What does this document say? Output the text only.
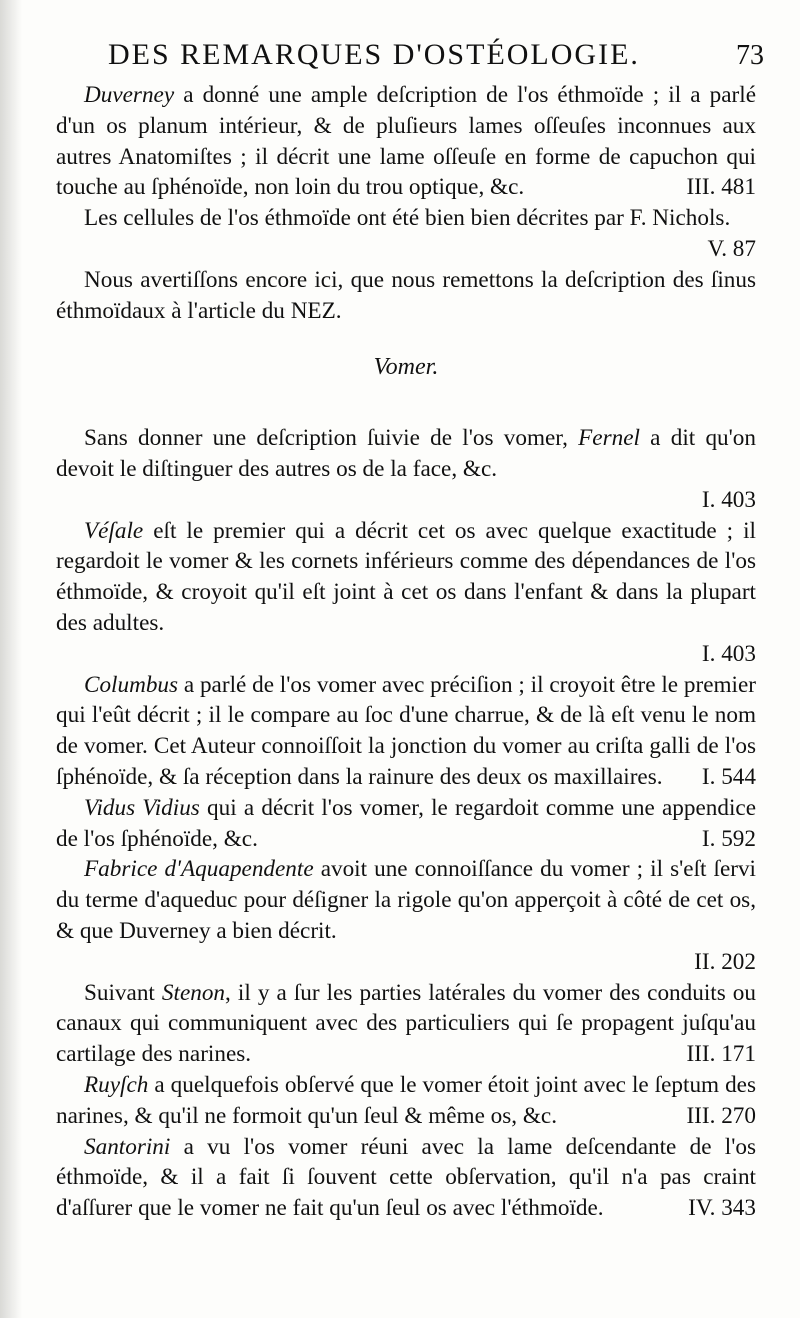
DES REMARQUES D'OSTÉOLOGIE.	73

Duverney a donné une ample deſcription de l'os éthmoïde ; il a parlé d'un os planum intérieur, & de pluſieurs lames oſſeuſes inconnues aux autres Anatomiſtes ; il décrit une lame oſſeuſe en forme de capuchon qui touche au ſphénoïde, non loin du trou optique, &c.	III. 481

Les cellules de l'os éthmoïde ont été bien bien décrites par F. Nichols.
V. 87

Nous avertiſſons encore ici, que nous remettons la deſcription des ſinus éthmoïdaux à l'article du NEZ.

Vomer.

Sans donner une deſcription ſuivie de l'os vomer, Fernel a dit qu'on devoit le diſtinguer des autres os de la face, &c.

I. 403

Véſale eſt le premier qui a décrit cet os avec quelque exactitude ; il regardoit le vomer & les cornets inférieurs comme des dépendances de l'os éthmoïde, & croyoit qu'il eſt joint à cet os dans l'enfant & dans la plupart des adultes.

I. 403

Columbus a parlé de l'os vomer avec préciſion ; il croyoit être le premier qui l'eût décrit ; il le compare au ſoc d'une charrue, & de là eſt venu le nom de vomer. Cet Auteur connoiſſoit la jonction du vomer au criſta galli de l'os ſphénoïde, & ſa réception dans la rainure des deux os maxillaires.	I. 544

Vidus Vidius qui a décrit l'os vomer, le regardoit comme une appendice de l'os ſphénoïde, &c.	I. 592

Fabrice d'Aquapendente avoit une connoiſſance du vomer ; il s'eſt ſervi du terme d'aqueduc pour déſigner la rigole qu'on apperçoit à côté de cet os, & que Duverney a bien décrit.

II. 202

Suivant Stenon, il y a ſur les parties latérales du vomer des conduits ou canaux qui communiquent avec des particuliers qui ſe propagent juſqu'au cartilage des narines.	III. 171

Ruyſch a quelquefois obſervé que le vomer étoit joint avec le ſeptum des narines, & qu'il ne formoit qu'un ſeul & même os, &c.	III. 270

Santorini a vu l'os vomer réuni avec la lame deſcendante de l'os éthmoïde, & il a fait ſi ſouvent cette obſervation, qu'il n'a pas craint d'aſſurer que le vomer ne fait qu'un ſeul os avec l'éthmoïde.	IV. 343
